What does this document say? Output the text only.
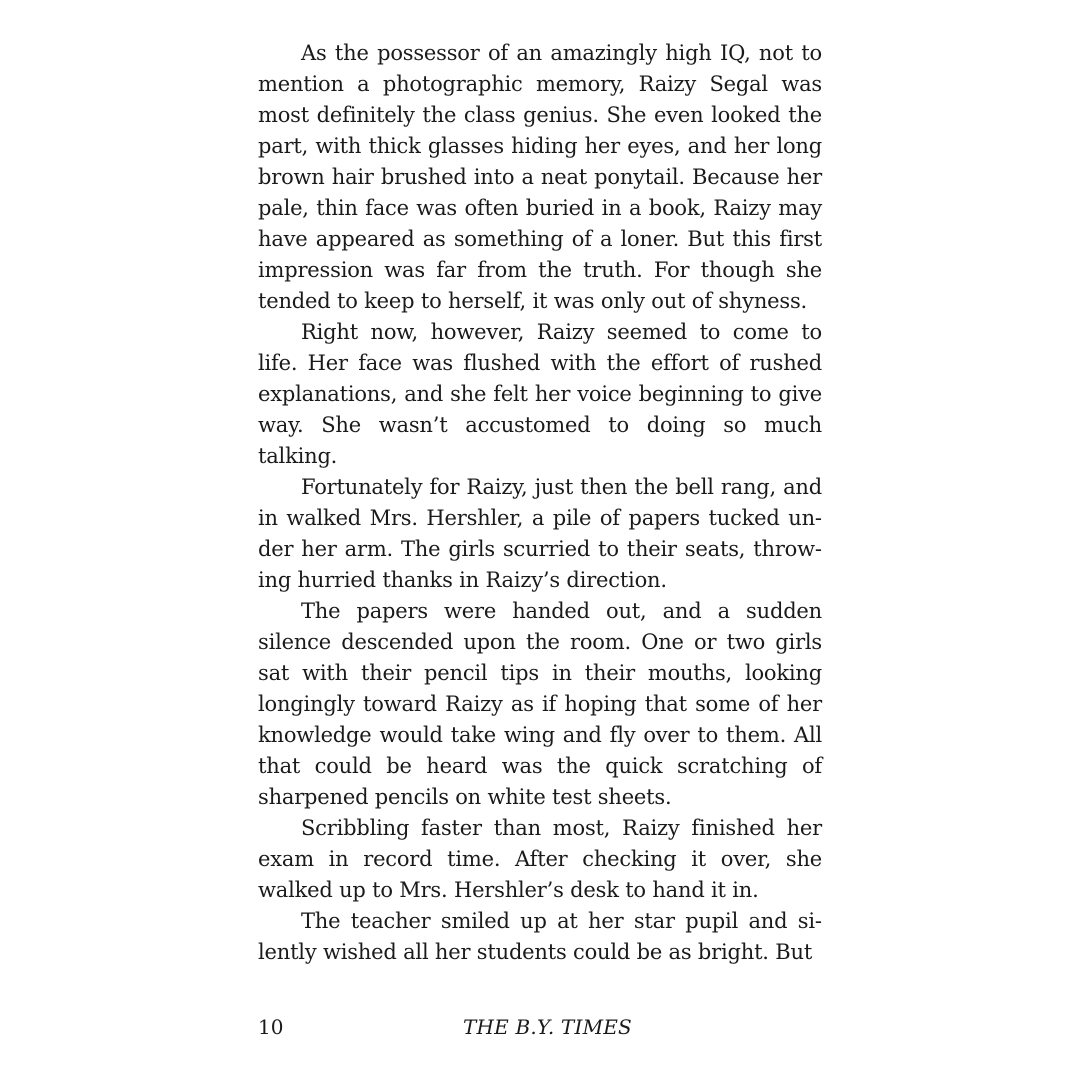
As the possessor of an amazingly high IQ, not to mention a photographic memory, Raizy Segal was most definitely the class genius. She even looked the part, with thick glasses hiding her eyes, and her long brown hair brushed into a neat ponytail. Because her pale, thin face was often buried in a book, Raizy may have appeared as something of a loner. But this first impression was far from the truth. For though she tended to keep to herself, it was only out of shyness.

Right now, however, Raizy seemed to come to life. Her face was flushed with the effort of rushed explanations, and she felt her voice beginning to give way. She wasn’t accustomed to doing so much talking.

Fortunately for Raizy, just then the bell rang, and in walked Mrs. Hershler, a pile of papers tucked under her arm. The girls scurried to their seats, throwing hurried thanks in Raizy’s direction.

The papers were handed out, and a sudden silence descended upon the room. One or two girls sat with their pencil tips in their mouths, looking longingly toward Raizy as if hoping that some of her knowledge would take wing and fly over to them. All that could be heard was the quick scratching of sharpened pencils on white test sheets.

Scribbling faster than most, Raizy finished her exam in record time. After checking it over, she walked up to Mrs. Hershler’s desk to hand it in.

The teacher smiled up at her star pupil and silently wished all her students could be as bright. But

10	THE B.Y. TIMES
